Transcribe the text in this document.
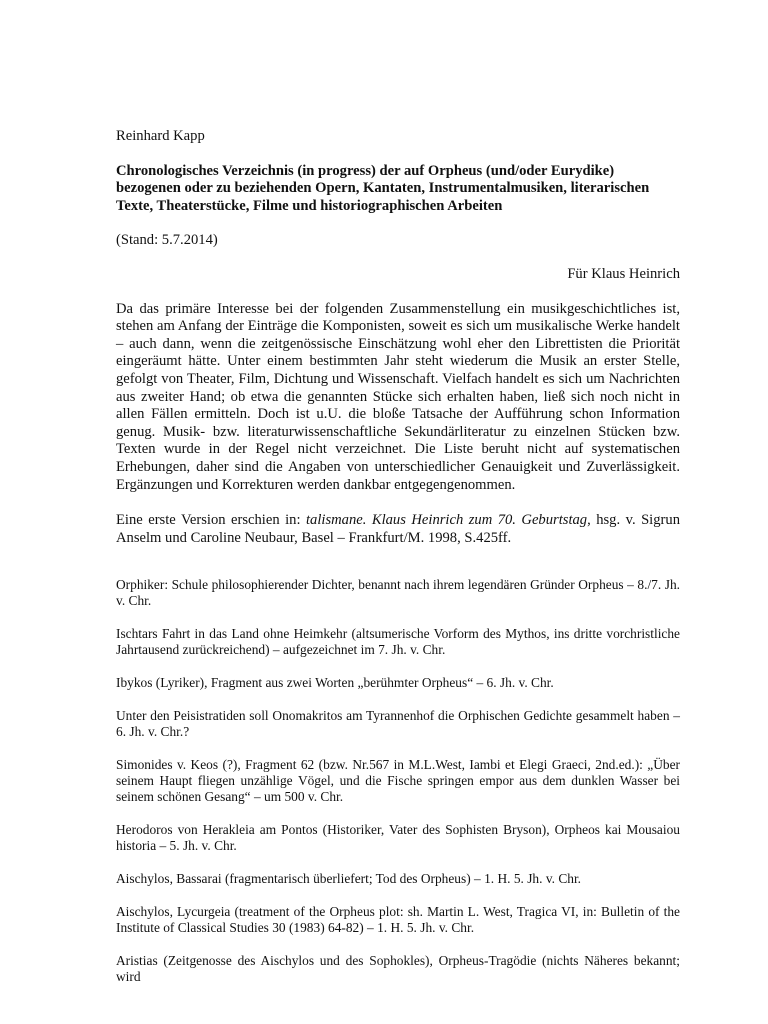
Reinhard Kapp

Chronologisches Verzeichnis (in progress) der auf Orpheus (und/oder Eurydike) bezogenen oder zu beziehenden Opern, Kantaten, Instrumentalmusiken, literarischen Texte, Theaterstücke, Filme und historiographischen Arbeiten

(Stand: 5.7.2014)

Für Klaus Heinrich

Da das primäre Interesse bei der folgenden Zusammenstellung ein musikgeschichtliches ist, stehen am Anfang der Einträge die Komponisten, soweit es sich um musikalische Werke handelt – auch dann, wenn die zeitgenössische Einschätzung wohl eher den Librettisten die Priorität eingeräumt hätte. Unter einem bestimmten Jahr steht wiederum die Musik an erster Stelle, gefolgt von Theater, Film, Dichtung und Wissenschaft. Vielfach handelt es sich um Nachrichten aus zweiter Hand; ob etwa die genannten Stücke sich erhalten haben, ließ sich noch nicht in allen Fällen ermitteln. Doch ist u.U. die bloße Tatsache der Aufführung schon Information genug. Musik- bzw. literaturwissenschaftliche Sekundärliteratur zu einzelnen Stücken bzw. Texten wurde in der Regel nicht verzeichnet. Die Liste beruht nicht auf systematischen Erhebungen, daher sind die Angaben von unterschiedlicher Genauigkeit und Zuverlässigkeit. Ergänzungen und Korrekturen werden dankbar entgegengenommen.

Eine erste Version erschien in: talismane. Klaus Heinrich zum 70. Geburtstag, hsg. v. Sigrun Anselm und Caroline Neubaur, Basel – Frankfurt/M. 1998, S.425ff.

Orphiker: Schule philosophierender Dichter, benannt nach ihrem legendären Gründer Orpheus – 8./7. Jh. v. Chr.

Ischtars Fahrt in das Land ohne Heimkehr (altsumerische Vorform des Mythos, ins dritte vorchristliche Jahrtausend zurückreichend) – aufgezeichnet im 7. Jh. v. Chr.

Ibykos (Lyriker), Fragment aus zwei Worten „berühmter Orpheus“ – 6. Jh. v. Chr.

Unter den Peisistratiden soll Onomakritos am Tyrannenhof die Orphischen Gedichte gesammelt haben – 6. Jh. v. Chr.?

Simonides v. Keos (?), Fragment 62 (bzw. Nr.567 in M.L.West, Iambi et Elegi Graeci, 2nd.ed.): „Über seinem Haupt fliegen unzählige Vögel, und die Fische springen empor aus dem dunklen Wasser bei seinem schönen Gesang“ – um 500 v. Chr.

Herodoros von Herakleia am Pontos (Historiker, Vater des Sophisten Bryson), Orpheos kai Mousaiou historia – 5. Jh. v. Chr.

Aischylos, Bassarai (fragmentarisch überliefert; Tod des Orpheus) – 1. H. 5. Jh. v. Chr.

Aischylos, Lycurgeia (treatment of the Orpheus plot: sh. Martin L. West, Tragica VI, in: Bulletin of the Institute of Classical Studies 30 (1983) 64-82) – 1. H. 5. Jh. v. Chr.

Aristias (Zeitgenosse des Aischylos und des Sophokles), Orpheus-Tragödie (nichts Näheres bekannt; wird
